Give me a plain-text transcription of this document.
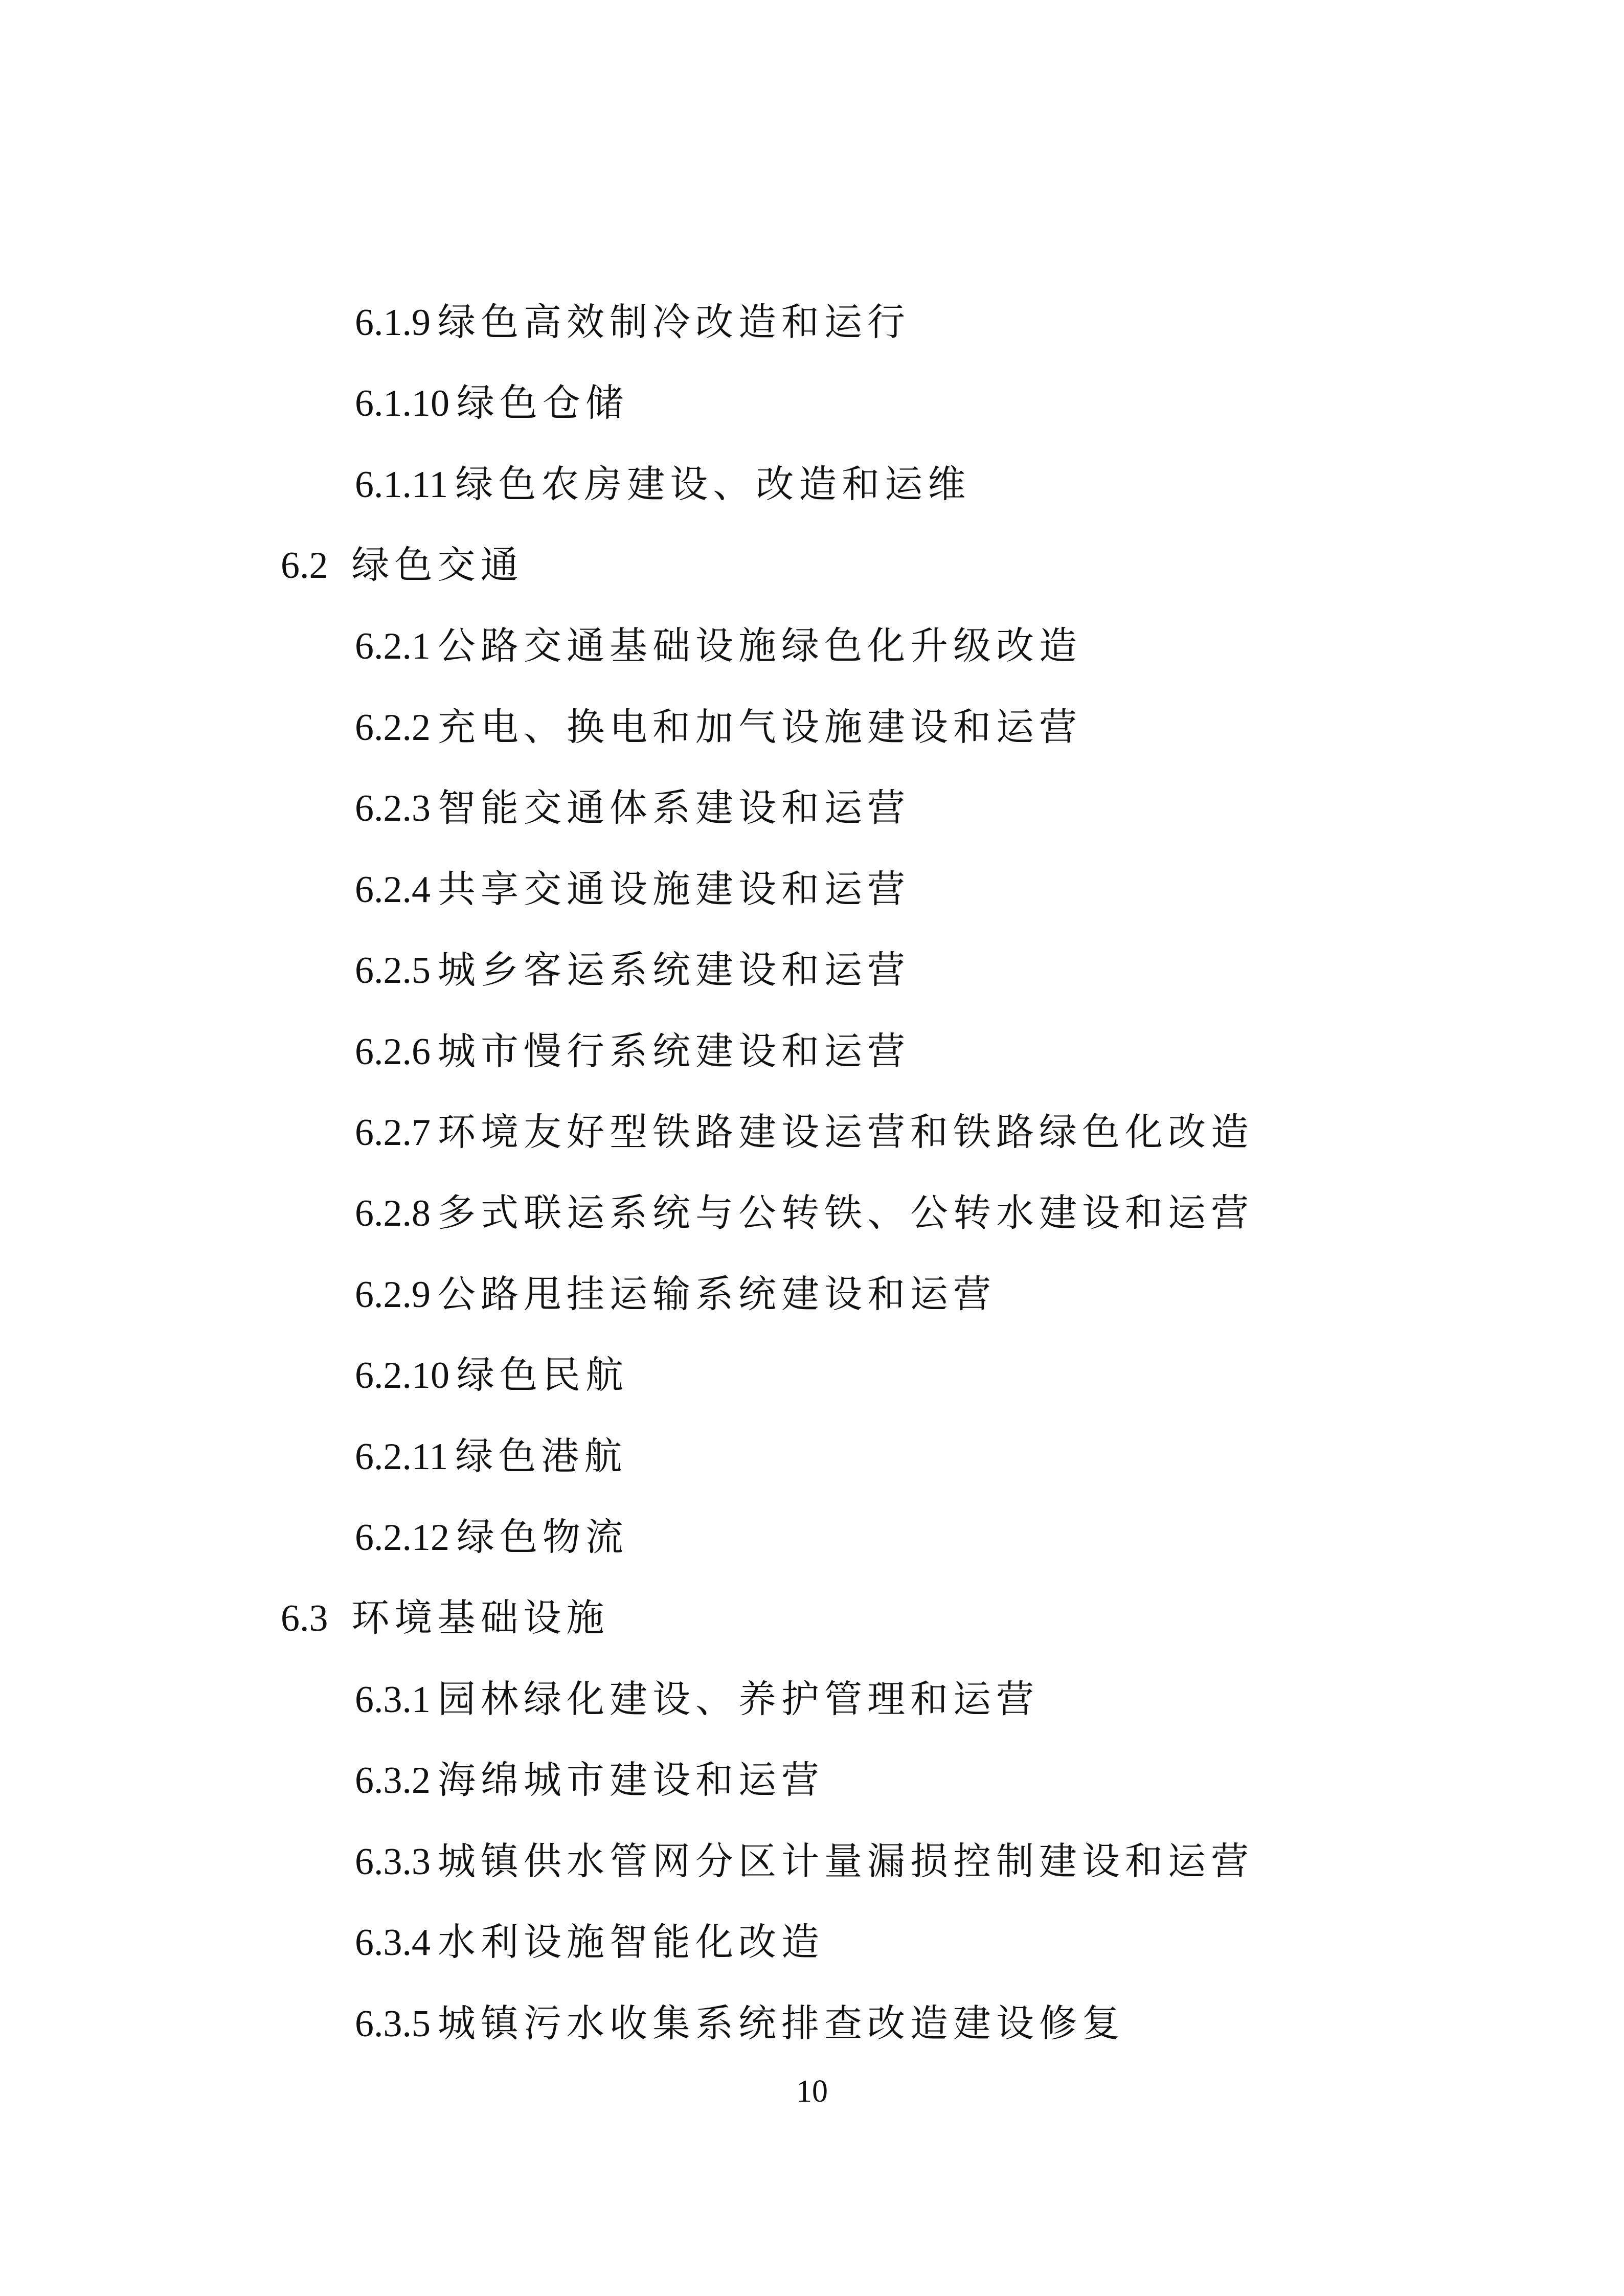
6.1.9 绿色高效制冷改造和运行
6.1.10 绿色仓储
6.1.11 绿色农房建设、改造和运维
6.2 绿色交通
6.2.1 公路交通基础设施绿色化升级改造
6.2.2 充电、换电和加气设施建设和运营
6.2.3 智能交通体系建设和运营
6.2.4 共享交通设施建设和运营
6.2.5 城乡客运系统建设和运营
6.2.6 城市慢行系统建设和运营
6.2.7 环境友好型铁路建设运营和铁路绿色化改造
6.2.8 多式联运系统与公转铁、公转水建设和运营
6.2.9 公路甩挂运输系统建设和运营
6.2.10 绿色民航
6.2.11 绿色港航
6.2.12 绿色物流
6.3 环境基础设施
6.3.1 园林绿化建设、养护管理和运营
6.3.2 海绵城市建设和运营
6.3.3 城镇供水管网分区计量漏损控制建设和运营
6.3.4 水利设施智能化改造
6.3.5 城镇污水收集系统排查改造建设修复
10
